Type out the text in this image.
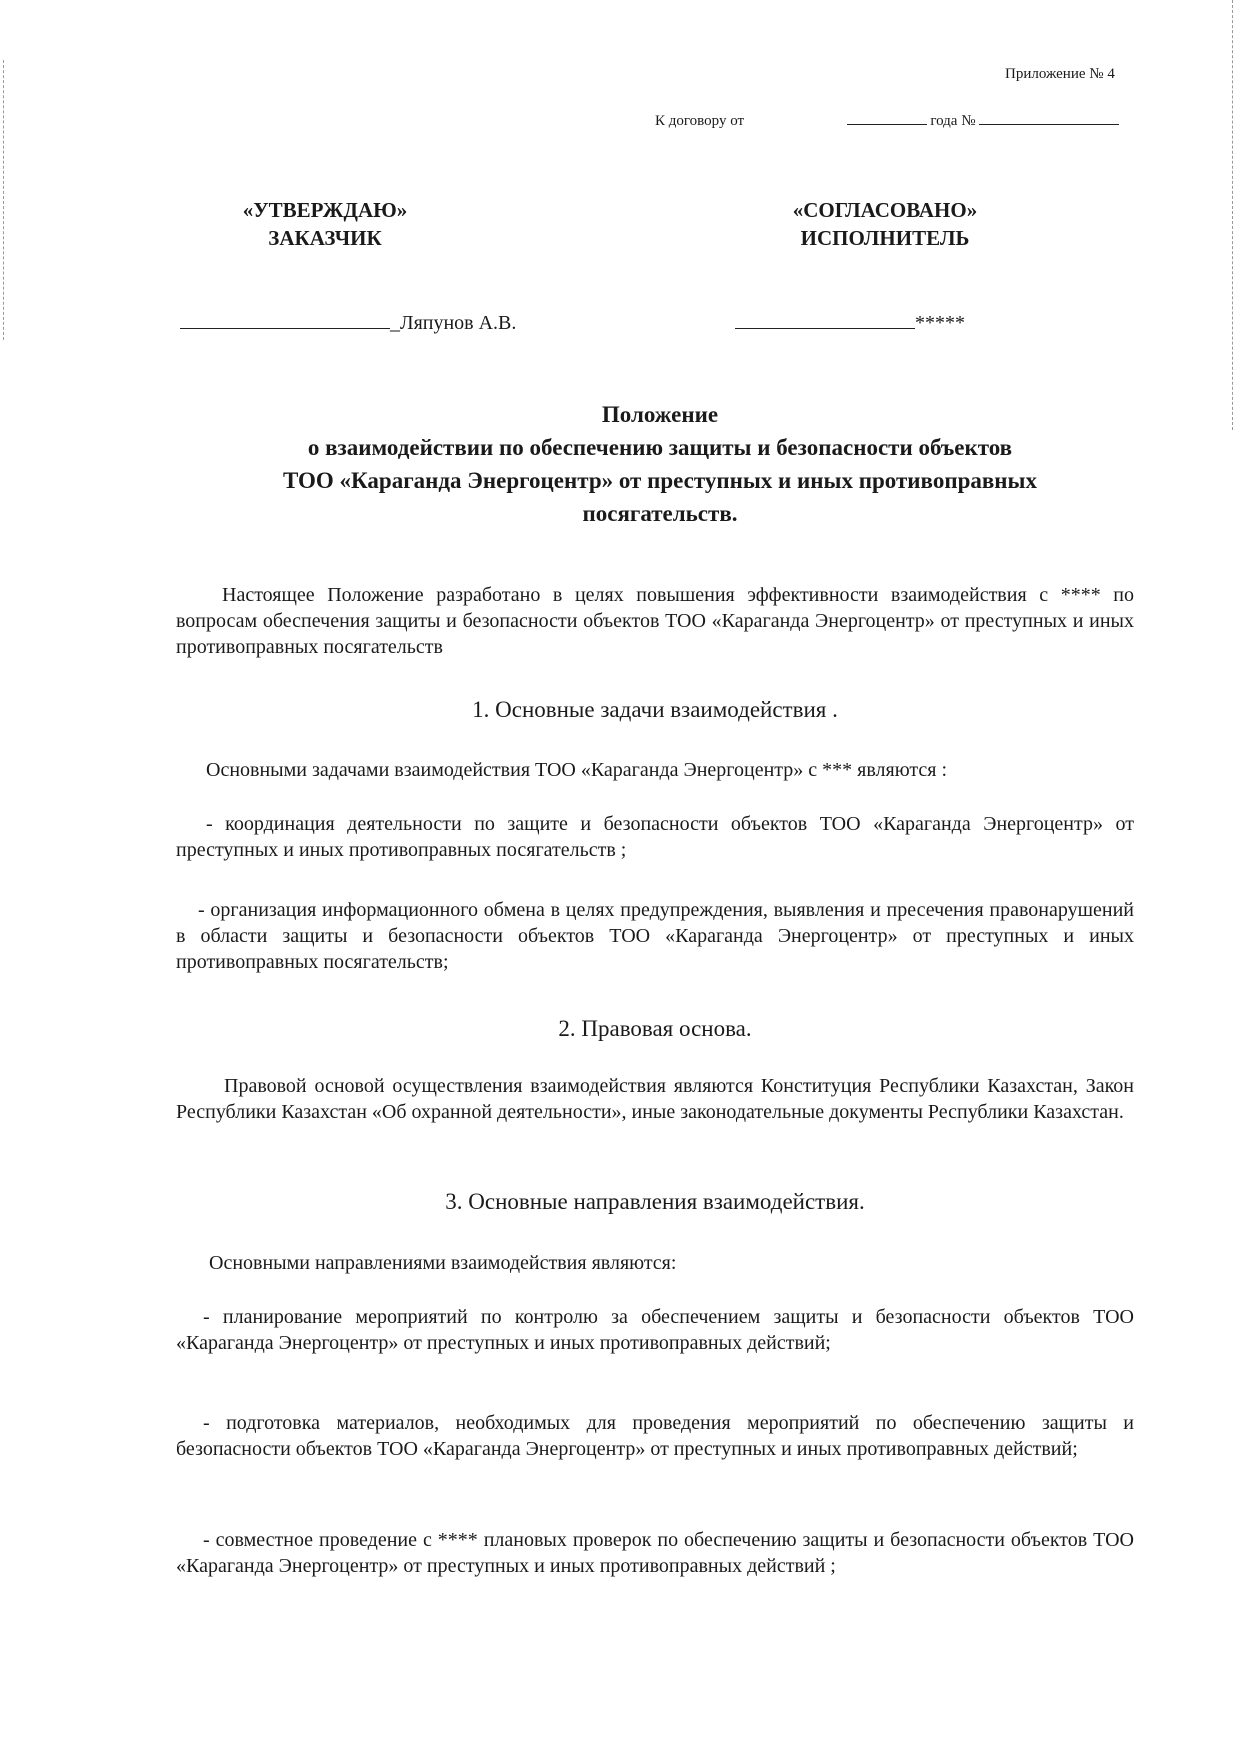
Приложение № 4
К договору от	года №
«УТВЕРЖДАЮ»
ЗАКАЗЧИК
«СОГЛАСОВАНО»
ИСПОЛНИТЕЛЬ
_Ляпунов А.В.	*****
Положение
о взаимодействии по обеспечению защиты и безопасности объектов
ТОО «Караганда Энергоцентр» от преступных и иных противоправных
посягательств.
Настоящее Положение разработано в целях повышения эффективности взаимодействия с **** по вопросам обеспечения защиты и безопасности объектов ТОО «Караганда Энергоцентр» от преступных и иных противоправных посягательств
1. Основные задачи взаимодействия .
Основными задачами взаимодействия ТОО «Караганда Энергоцентр» с *** являются :
- координация деятельности по защите и безопасности объектов ТОО «Караганда Энергоцентр» от преступных и иных противоправных посягательств ;
- организация информационного обмена в целях предупреждения, выявления и пресечения правонарушений в области защиты и безопасности объектов ТОО «Караганда Энергоцентр» от преступных и иных противоправных посягательств;
2. Правовая основа.
Правовой основой осуществления взаимодействия являются Конституция Республики Казахстан, Закон Республики Казахстан «Об охранной деятельности», иные законодательные документы Республики Казахстан.
3. Основные направления взаимодействия.
Основными направлениями взаимодействия являются:
- планирование мероприятий по контролю за обеспечением защиты и безопасности объектов ТОО «Караганда Энергоцентр» от преступных и иных противоправных действий;
- подготовка материалов, необходимых для проведения мероприятий по обеспечению защиты и безопасности объектов ТОО «Караганда Энергоцентр» от преступных и иных противоправных действий;
- совместное проведение с **** плановых проверок по обеспечению защиты и безопасности объектов ТОО «Караганда Энергоцентр» от преступных и иных противоправных действий ;
